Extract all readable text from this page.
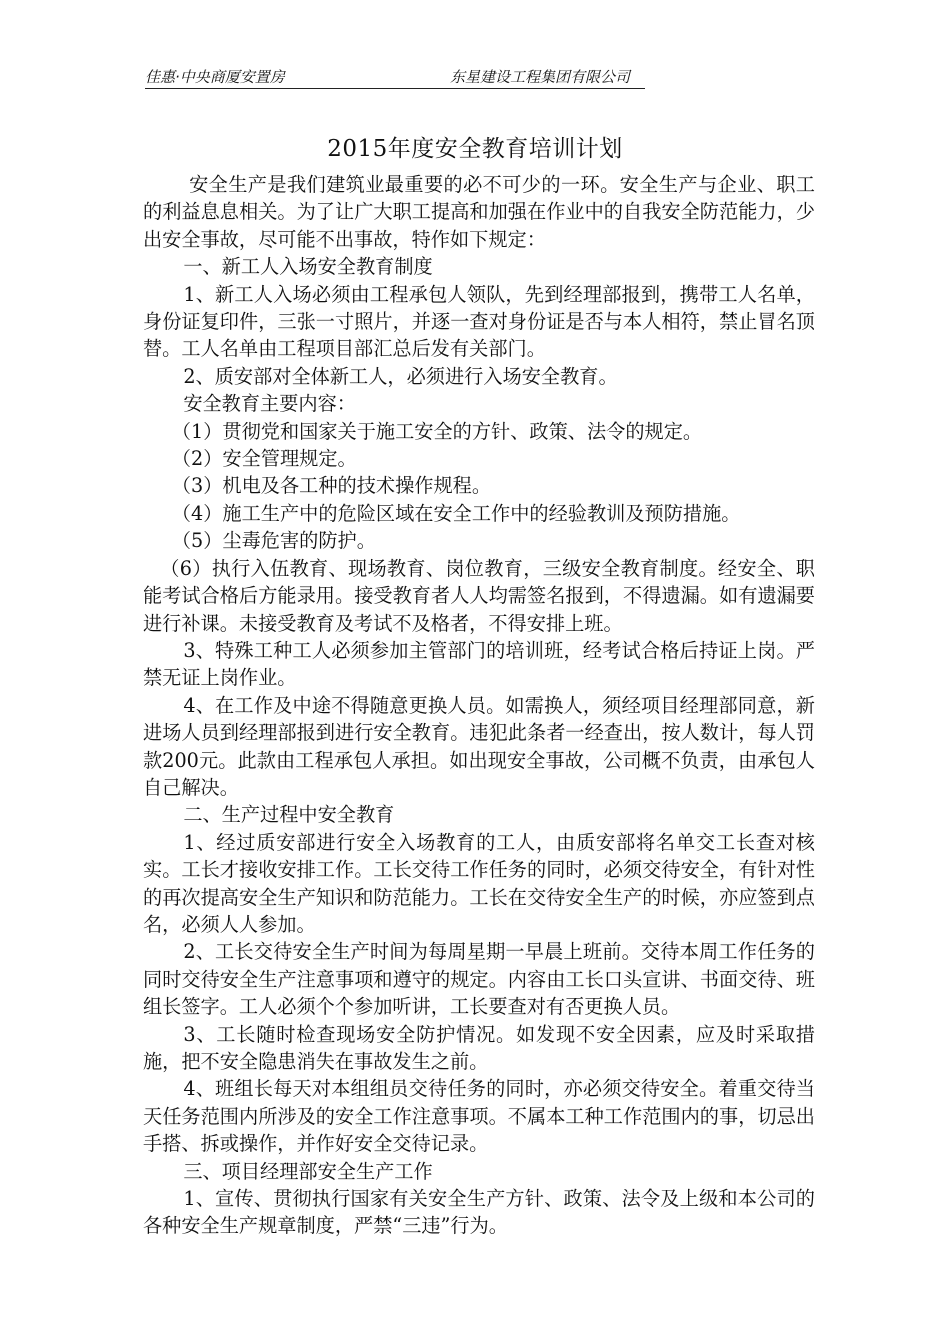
佳惠·中央商厦安置房	东星建设工程集团有限公司
2015年度安全教育培训计划

安全生产是我们建筑业最重要的必不可少的一环。安全生产与企业、职工的利益息息相关。为了让广大职工提高和加强在作业中的自我安全防范能力，少出安全事故，尽可能不出事故，特作如下规定：

一、新工人入场安全教育制度

1、新工人入场必须由工程承包人领队，先到经理部报到，携带工人名单，身份证复印件，三张一寸照片，并逐一查对身份证是否与本人相符，禁止冒名顶替。工人名单由工程项目部汇总后发有关部门。

2、质安部对全体新工人，必须进行入场安全教育。

安全教育主要内容：

（1）贯彻党和国家关于施工安全的方针、政策、法令的规定。

（2）安全管理规定。

（3）机电及各工种的技术操作规程。

（4）施工生产中的危险区域在安全工作中的经验教训及预防措施。

（5）尘毒危害的防护。

（6）执行入伍教育、现场教育、岗位教育，三级安全教育制度。经安全、职能考试合格后方能录用。接受教育者人人均需签名报到，不得遗漏。如有遗漏要进行补课。未接受教育及考试不及格者，不得安排上班。

3、特殊工种工人必须参加主管部门的培训班，经考试合格后持证上岗。严禁无证上岗作业。

4、在工作及中途不得随意更换人员。如需换人，须经项目经理部同意，新进场人员到经理部报到进行安全教育。违犯此条者一经查出，按人数计，每人罚款200元。此款由工程承包人承担。如出现安全事故，公司概不负责，由承包人自己解决。

二、生产过程中安全教育

1、经过质安部进行安全入场教育的工人，由质安部将名单交工长查对核实。工长才接收安排工作。工长交待工作任务的同时，必须交待安全，有针对性的再次提高安全生产知识和防范能力。工长在交待安全生产的时候，亦应签到点名，必须人人参加。

2、工长交待安全生产时间为每周星期一早晨上班前。交待本周工作任务的同时交待安全生产注意事项和遵守的规定。内容由工长口头宣讲、书面交待、班组长签字。工人必须个个参加听讲，工长要查对有否更换人员。

3、工长随时检查现场安全防护情况。如发现不安全因素，应及时采取措施，把不安全隐患消失在事故发生之前。

4、班组长每天对本组组员交待任务的同时，亦必须交待安全。着重交待当天任务范围内所涉及的安全工作注意事项。不属本工种工作范围内的事，切忌出手搭、拆或操作，并作好安全交待记录。

三、项目经理部安全生产工作

1、宣传、贯彻执行国家有关安全生产方针、政策、法令及上级和本公司的各种安全生产规章制度，严禁“三违”行为。
